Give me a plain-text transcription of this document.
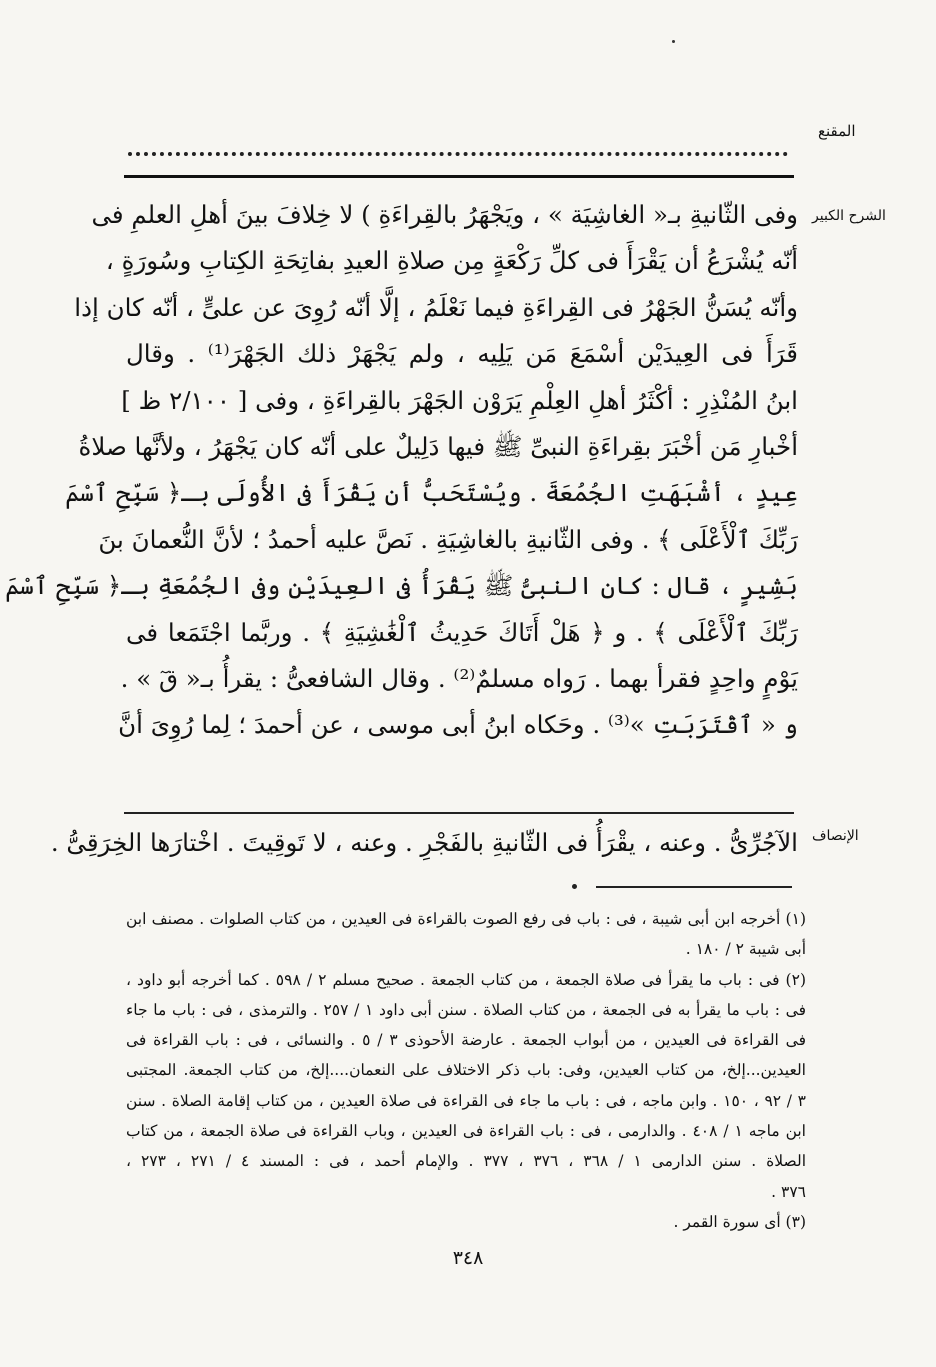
المقنع
الشرح الكبير
وفى الثّانيةِ بـ« الغاشِيَة » ، ويَجْهَرُ بالقِراءَةِ ) لا خِلافَ بينَ أهلِ العلمِ فى
أنّه يُشْرَعُ أن يَقْرَأَ فى كلِّ رَكْعَةٍ مِن صلاةِ العيدِ بفاتِحَةِ الكِتابِ وسُورَةٍ ،
وأنّه يُسَنُّ الجَهْرُ فى القِراءَةِ فيما نَعْلَمُ ، إلَّا أنّه رُوِىَ عن علىٍّ ، أنّه كان إذا
قَرَأَ فى العِيدَيْن أسْمَعَ مَن يَلِيه ، ولم يَجْهَرْ ذلك الجَهْرَ⁽¹⁾ . وقال
ابنُ المُنْذِرِ : أكْثَرُ أهلِ العِلْمِ يَرَوْن الجَهْرَ بالقِراءَةِ ، وفى [ ٢/١٠٠ ظ ]
أخْبارِ مَن أخْبَرَ بقِراءَةِ النبىِّ ﷺ فيها دَلِيلٌ على أنّه كان يَجْهَرُ ، ولأنَّها صلاةُ
عِيدٍ ، أشْبَهَتِ الجُمُعَةَ . ويُسْتَحَبُّ أن يَقْرَأَ فى الأُولَى بـ﴿ سَبِّحِ ٱسْمَ
رَبِّكَ ٱلْأَعْلَى ﴾ . وفى الثّانيةِ بالغاشِيَةِ . نَصَّ عليه أحمدُ ؛ لأنَّ النُّعمانَ بنَ
بَشِيرٍ ، قال : كان النبىُّ ﷺ يَقْرَأُ فى العِيدَيْن وفى الجُمُعَةِ بـ﴿ سَبِّحِ ٱسْمَ
رَبِّكَ ٱلْأَعْلَى ﴾ . و ﴿ هَلْ أَتَاكَ حَدِيثُ ٱلْغَٰشِيَةِ ﴾ . وربَّما اجْتَمَعا فى
يَوْمٍ واحِدٍ فقرأ بهما . رَواه مسلمٌ⁽²⁾ . وقال الشافعىُّ : يقرأُ بـ« قٓ » .
و « ٱقْتَرَبَتِ »⁽³⁾ . وحَكاه ابنُ أبى موسى ، عن أحمدَ ؛ لِما رُوِىَ أنَّ
الإنصاف
الآجُرِّىُّ . وعنه ، يقْرَأُ فى الثّانيةِ بالفَجْرِ . وعنه ، لا تَوقِيتَ . اخْتارَها الخِرَقِىُّ .
(١) أخرجه ابن أبى شيبة ، فى : باب فى رفع الصوت بالقراءة فى العيدين ، من كتاب الصلوات . مصنف ابن
أبى شيبة ٢ / ١٨٠ .
(٢) فى : باب ما يقرأ فى صلاة الجمعة ، من كتاب الجمعة . صحيح مسلم ٢ / ٥٩٨ . كما أخرجه أبو داود ،
فى : باب ما يقرأ به فى الجمعة ، من كتاب الصلاة . سنن أبى داود ١ / ٢٥٧ . والترمذى ، فى : باب ما جاء
فى القراءة فى العيدين ، من أبواب الجمعة . عارضة الأحوذى ٣ / ٥ . والنسائى ، فى : باب القراءة فى
العيدين...إلخ، من كتاب العيدين، وفى: باب ذكر الاختلاف على النعمان....إلخ، من كتاب الجمعة. المجتبى
٣ / ٩٢ ، ١٥٠ . وابن ماجه ، فى : باب ما جاء فى القراءة فى صلاة العيدين ، من كتاب إقامة الصلاة . سنن
ابن ماجه ١ / ٤٠٨ . والدارمى ، فى : باب القراءة فى العيدين ، وباب القراءة فى صلاة الجمعة ، من كتاب
الصلاة . سنن الدارمى ١ / ٣٦٨ ، ٣٧٦ ، ٣٧٧ . والإمام أحمد ، فى : المسند ٤ / ٢٧١ ، ٢٧٣ ،
٣٧٦ .
(٣) أى سورة القمر .
٣٤٨
